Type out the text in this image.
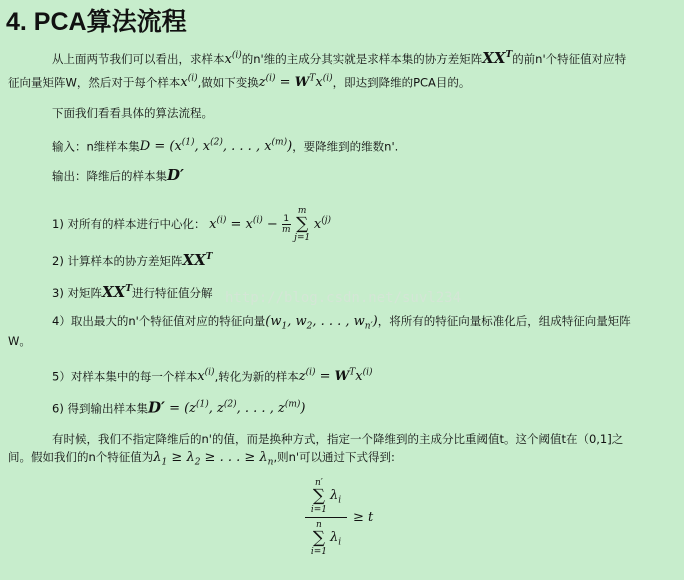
4. PCA算法流程
从上面两节我们可以看出，求样本$x^{(i)}$的n'维的主成分其实就是求样本集的协方差矩阵$XX^T$的前n'个特征值对应特
征向量矩阵W，然后对于每个样本$x^{(i)}$,做如下变换$z^{(i)} = W^Tx^{(i)}$，即达到降维的PCA目的。
下面我们看看具体的算法流程。
输入：n维样本集$D = (x^{(1)}$, $x^{(2)}$, . . . , $x^{(m)}$)，要降维到的维数n'.
输出：降维后的样本集D′
1) 对所有的样本进行中心化： $x^{(i)} = x^{(i)} - \frac{1}{m}$

m
∑
j=1
$x^{(j)}$
2) 计算样本的协方差矩阵$XX^T$
3) 对矩阵$XX^T$进行特征值分解 http://blog.csdn.net/suvl234
4）取出最大的n'个特征值对应的特征向量($w_1$, $w_2$, . . . , $w_{n'}$)，将所有的特征向量标准化后，组成特征向量矩阵
W。
5）对样本集中的每一个样本$x^{(i)}$,转化为新的样本$z^{(i)} = W^Tx^{(i)}$
6) 得到输出样本集$D' = (z^{(1)}$, $z^{(2)}$, . . . , $z^{(m)}$)
有时候，我们不指定降维后的n'的值，而是换种方式，指定一个降维到的主成分比重阈值t。这个阈值t在（0,1]之
间。假如我们的n个特征值为$\lambda_1 \ge \lambda_2$ ≥ . . . ≥ $\lambda_n$,则n'可以通过下式得到:
n′
∑
i=1
$\lambda_i$
n
∑
i=1
$\lambda_i$
≥ t
